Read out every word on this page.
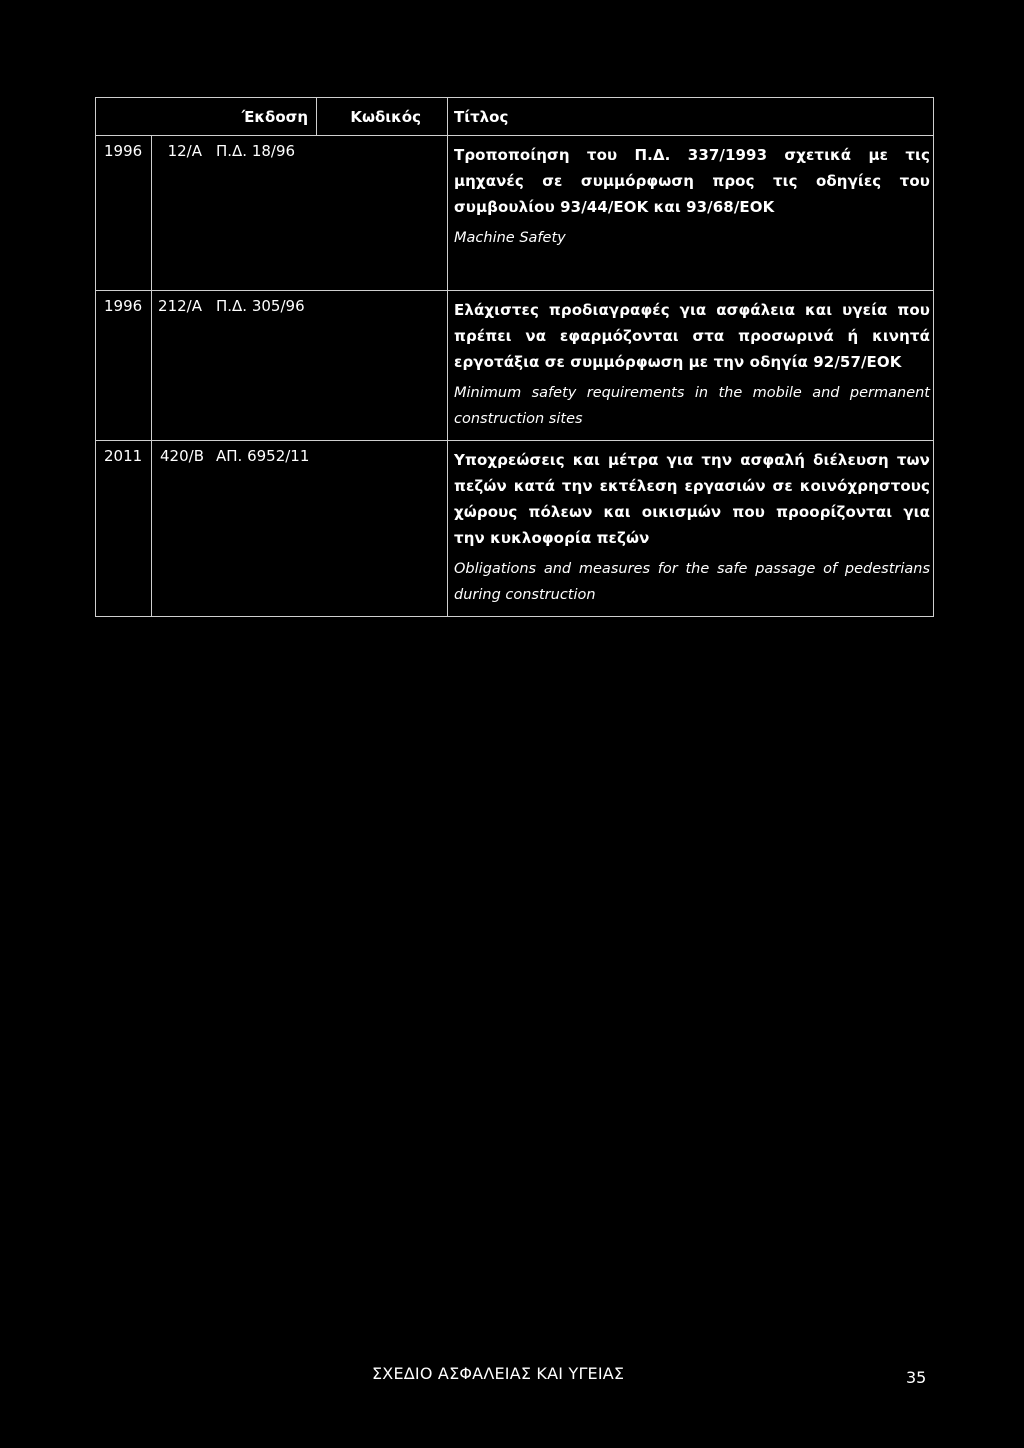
Έκδοση		Κωδικός	Τίτλος
1996	12/Α Π.Δ. 18/96		Τροποποίηση του Π.Δ. 337/1993 σχετικά με τις μηχανές σε συμμόρφωση προς τις οδηγίες του συμβουλίου 93/44/ΕΟΚ και 93/68/ΕΟΚ
Machine Safety

1996	212/Α Π.Δ. 305/96		Ελάχιστες προδιαγραφές για ασφάλεια και υγεία που πρέπει να εφαρμόζονται στα προσωρινά ή κινητά εργοτάξια σε συμμόρφωση με την οδηγία 92/57/ΕΟΚ
Minimum safety requirements in the mobile and permanent construction sites

2011	420/Β ΑΠ. 6952/11		Υποχρεώσεις και μέτρα για την ασφαλή διέλευση των πεζών κατά την εκτέλεση εργασιών σε κοινόχρηστους χώρους πόλεων και οικισμών που προορίζονται για την κυκλοφορία πεζών
Obligations and measures for the safe passage of pedestrians during construction
ΣΧΕΔΙΟ ΑΣΦΑΛΕΙΑΣ ΚΑΙ ΥΓΕΙΑΣ	35
